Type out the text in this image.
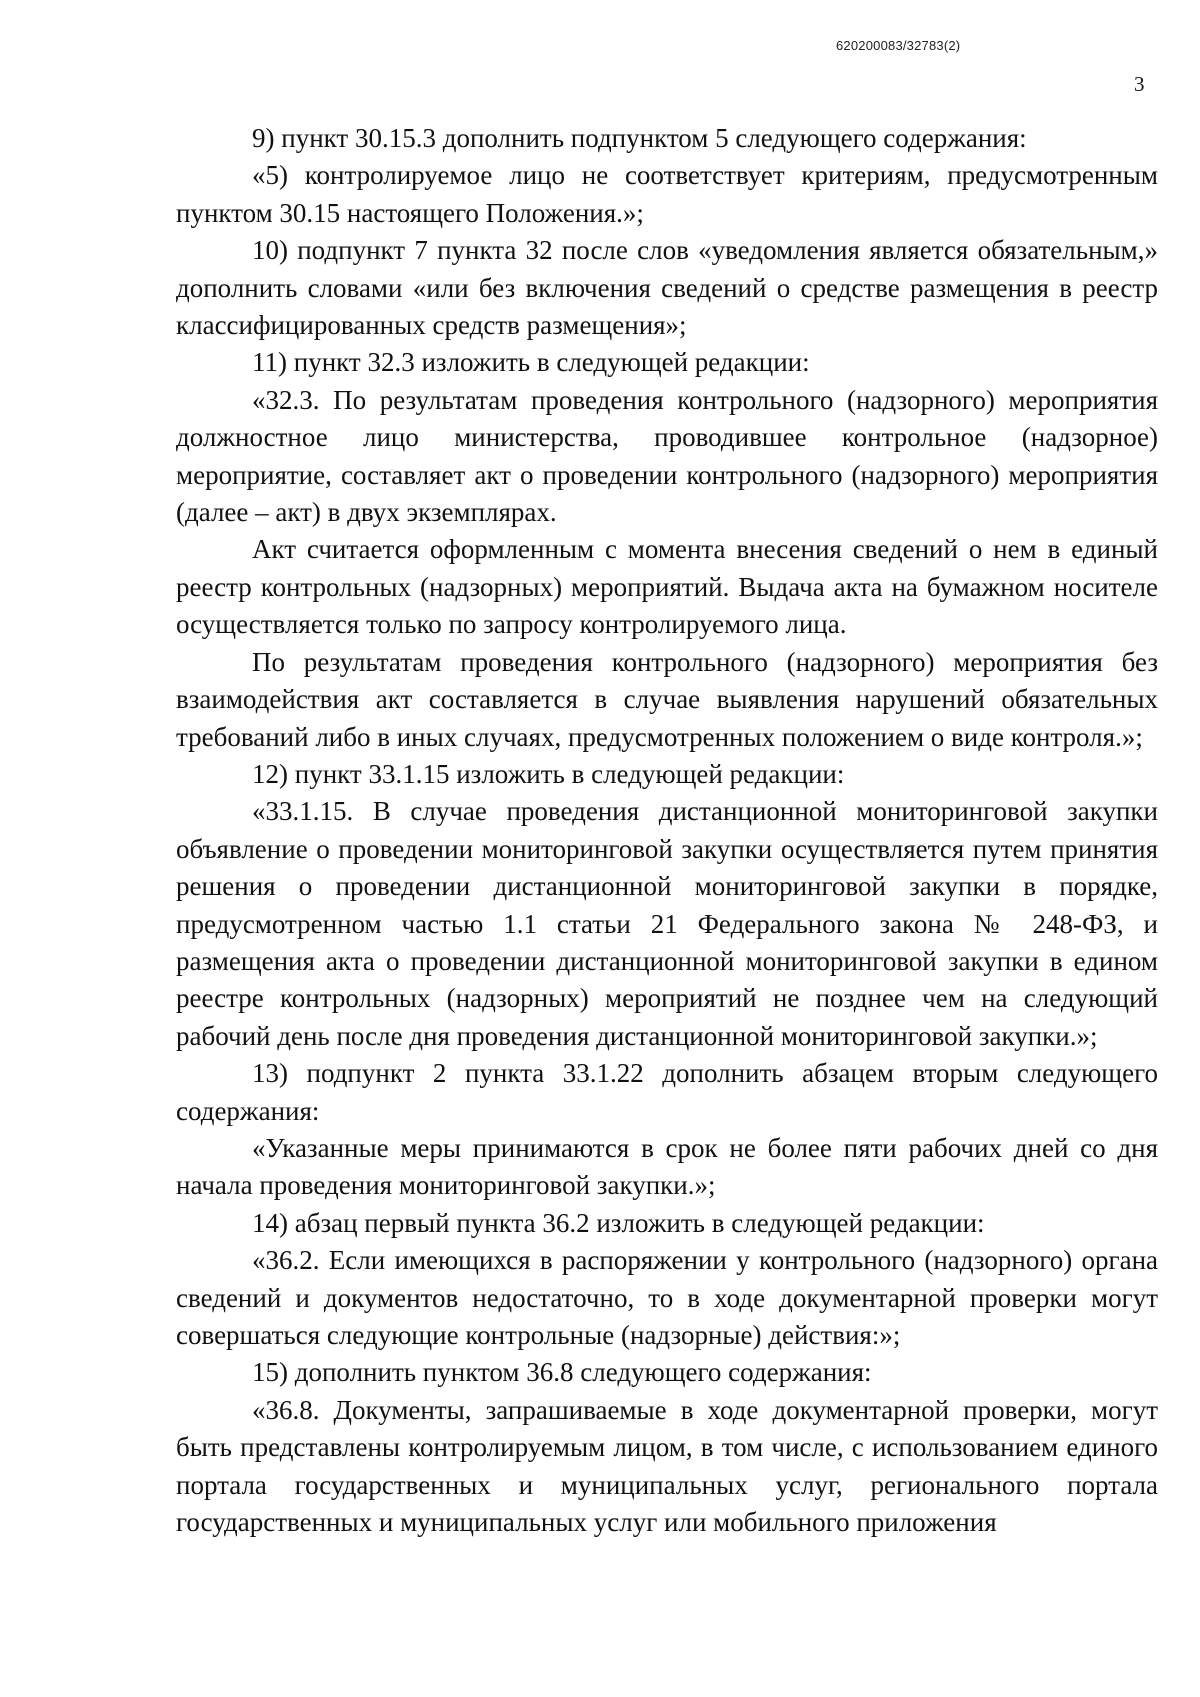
620200083/32783(2)
3

9) пункт 30.15.3 дополнить подпунктом 5 следующего содержания:

«5) контролируемое лицо не соответствует критериям, предусмотренным пунктом 30.15 настоящего Положения.»;

10) подпункт 7 пункта 32 после слов «уведомления является обязательным,» дополнить словами «или без включения сведений о средстве размещения в реестр классифицированных средств размещения»;

11) пункт 32.3 изложить в следующей редакции:

«32.3. По результатам проведения контрольного (надзорного) мероприятия должностное лицо министерства, проводившее контрольное (надзорное) мероприятие, составляет акт о проведении контрольного (надзорного) мероприятия (далее – акт) в двух экземплярах.

Акт считается оформленным с момента внесения сведений о нем в единый реестр контрольных (надзорных) мероприятий. Выдача акта на бумажном носителе осуществляется только по запросу контролируемого лица.

По результатам проведения контрольного (надзорного) мероприятия без взаимодействия акт составляется в случае выявления нарушений обязательных требований либо в иных случаях, предусмотренных положением о виде контроля.»;

12) пункт 33.1.15 изложить в следующей редакции:

«33.1.15. В случае проведения дистанционной мониторинговой закупки объявление о проведении мониторинговой закупки осуществляется путем принятия решения о проведении дистанционной мониторинговой закупки в порядке, предусмотренном частью 1.1 статьи 21 Федерального закона № 248-ФЗ, и размещения акта о проведении дистанционной мониторинговой закупки в едином реестре контрольных (надзорных) мероприятий не позднее чем на следующий рабочий день после дня проведения дистанционной мониторинговой закупки.»;

13) подпункт 2 пункта 33.1.22 дополнить абзацем вторым следующего содержания:

«Указанные меры принимаются в срок не более пяти рабочих дней со дня начала проведения мониторинговой закупки.»;

14) абзац первый пункта 36.2 изложить в следующей редакции:

«36.2. Если имеющихся в распоряжении у контрольного (надзорного) органа сведений и документов недостаточно, то в ходе документарной проверки могут совершаться следующие контрольные (надзорные) действия:»;

15) дополнить пунктом 36.8 следующего содержания:

«36.8. Документы, запрашиваемые в ходе документарной проверки, могут быть представлены контролируемым лицом, в том числе, с использованием единого портала государственных и муниципальных услуг, регионального портала государственных и муниципальных услуг или мобильного приложения
